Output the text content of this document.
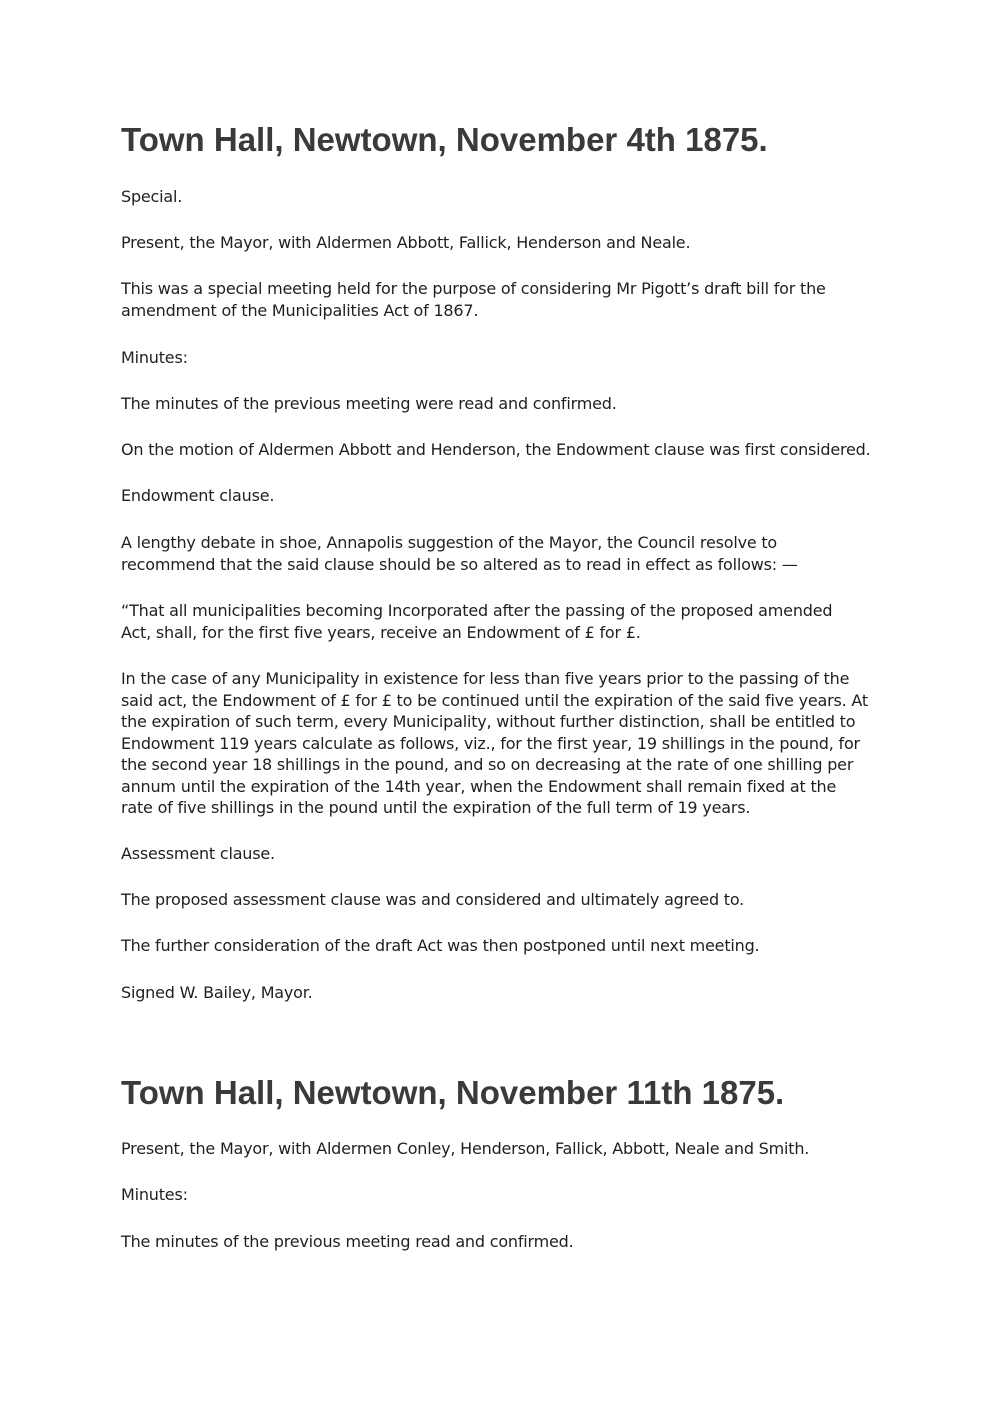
Town Hall, Newtown, November 4th 1875.

Special.

Present, the Mayor, with Aldermen Abbott, Fallick, Henderson and Neale.

This was a special meeting held for the purpose of considering Mr Pigott’s draft bill for the amendment of the Municipalities Act of 1867.

Minutes:

The minutes of the previous meeting were read and confirmed.

On the motion of Aldermen Abbott and Henderson, the Endowment clause was first considered.

Endowment clause.

A lengthy debate in shoe, Annapolis suggestion of the Mayor, the Council resolve to recommend that the said clause should be so altered as to read in effect as follows: —

“That all municipalities becoming Incorporated after the passing of the proposed amended Act, shall, for the first five years, receive an Endowment of £ for £.

In the case of any Municipality in existence for less than five years prior to the passing of the said act, the Endowment of £ for £ to be continued until the expiration of the said five years. At the expiration of such term, every Municipality, without further distinction, shall be entitled to Endowment 119 years calculate as follows, viz., for the first year, 19 shillings in the pound, for the second year 18 shillings in the pound, and so on decreasing at the rate of one shilling per annum until the expiration of the 14th year, when the Endowment shall remain fixed at the rate of five shillings in the pound until the expiration of the full term of 19 years.

Assessment clause.

The proposed assessment clause was and considered and ultimately agreed to.

The further consideration of the draft Act was then postponed until next meeting.

Signed W. Bailey, Mayor.

Town Hall, Newtown, November 11th 1875.

Present, the Mayor, with Aldermen Conley, Henderson, Fallick, Abbott, Neale and Smith.

Minutes:

The minutes of the previous meeting read and confirmed.
